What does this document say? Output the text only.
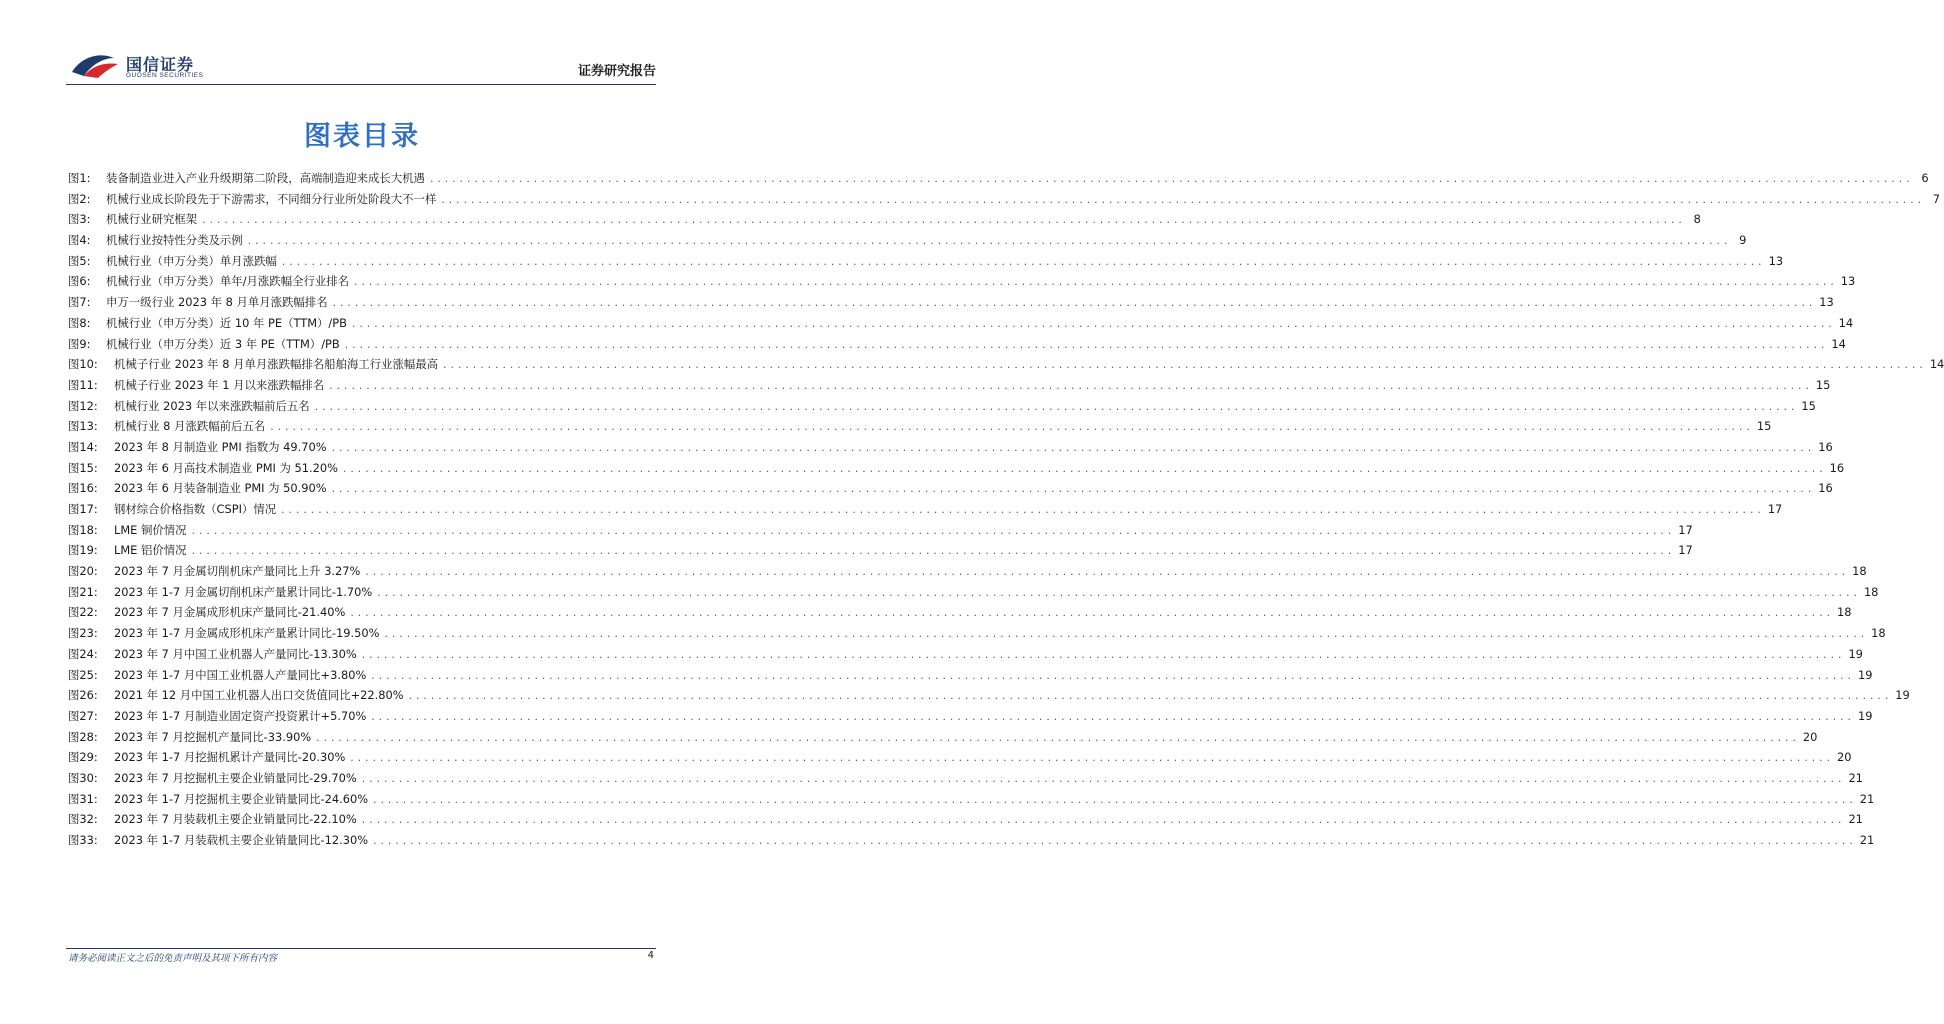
国信证券
GUOSEN SECURITIES	证券研究报告
图表目录
图1:	装备制造业进入产业升级期第二阶段，高端制造迎来成长大机遇 ........................................................................................................................................................................................................ 6
图2:	机械行业成长阶段先于下游需求，不同细分行业所处阶段大不一样 ........................................................................................................................................................................................................ 7
图3:	机械行业研究框架 ........................................................................................................................................................................................................ 8
图4:	机械行业按特性分类及示例 ........................................................................................................................................................................................................ 9
图5:	机械行业（申万分类）单月涨跌幅 ........................................................................................................................................................................................................ 13
图6:	机械行业（申万分类）单年/月涨跌幅全行业排名 ........................................................................................................................................................................................................ 13
图7:	申万一级行业 2023 年 8 月单月涨跌幅排名 ........................................................................................................................................................................................................ 13
图8:	机械行业（申万分类）近 10 年 PE（TTM）/PB ........................................................................................................................................................................................................ 14
图9:	机械行业（申万分类）近 3 年 PE（TTM）/PB ........................................................................................................................................................................................................ 14
图10:	机械子行业 2023 年 8 月单月涨跌幅排名船舶海工行业涨幅最高 ........................................................................................................................................................................................................ 14
图11:	机械子行业 2023 年 1 月以来涨跌幅排名 ........................................................................................................................................................................................................ 15
图12:	机械行业 2023 年以来涨跌幅前后五名 ........................................................................................................................................................................................................ 15
图13:	机械行业 8 月涨跌幅前后五名 ........................................................................................................................................................................................................ 15
图14:	2023 年 8 月制造业 PMI 指数为 49.70% ........................................................................................................................................................................................................ 16
图15:	2023 年 6 月高技术制造业 PMI 为 51.20% ........................................................................................................................................................................................................ 16
图16:	2023 年 6 月装备制造业 PMI 为 50.90% ........................................................................................................................................................................................................ 16
图17:	钢材综合价格指数（CSPI）情况 ........................................................................................................................................................................................................ 17
图18:	LME 铜价情况 ........................................................................................................................................................................................................ 17
图19:	LME 铝价情况 ........................................................................................................................................................................................................ 17
图20:	2023 年 7 月金属切削机床产量同比上升 3.27% ........................................................................................................................................................................................................ 18
图21:	2023 年 1-7 月金属切削机床产量累计同比-1.70% ........................................................................................................................................................................................................ 18
图22:	2023 年 7 月金属成形机床产量同比-21.40% ........................................................................................................................................................................................................ 18
图23:	2023 年 1-7 月金属成形机床产量累计同比-19.50% ........................................................................................................................................................................................................ 18
图24:	2023 年 7 月中国工业机器人产量同比-13.30% ........................................................................................................................................................................................................ 19
图25:	2023 年 1-7 月中国工业机器人产量同比+3.80% ........................................................................................................................................................................................................ 19
图26:	2021 年 12 月中国工业机器人出口交货值同比+22.80% ........................................................................................................................................................................................................ 19
图27:	2023 年 1-7 月制造业固定资产投资累计+5.70% ........................................................................................................................................................................................................ 19
图28:	2023 年 7 月挖掘机产量同比-33.90% ........................................................................................................................................................................................................ 20
图29:	2023 年 1-7 月挖掘机累计产量同比-20.30% ........................................................................................................................................................................................................ 20
图30:	2023 年 7 月挖掘机主要企业销量同比-29.70% ........................................................................................................................................................................................................ 21
图31:	2023 年 1-7 月挖掘机主要企业销量同比-24.60% ........................................................................................................................................................................................................ 21
图32:	2023 年 7 月装载机主要企业销量同比-22.10% ........................................................................................................................................................................................................ 21
图33:	2023 年 1-7 月装载机主要企业销量同比-12.30% ........................................................................................................................................................................................................ 21
请务必阅读正文之后的免责声明及其项下所有内容	4
